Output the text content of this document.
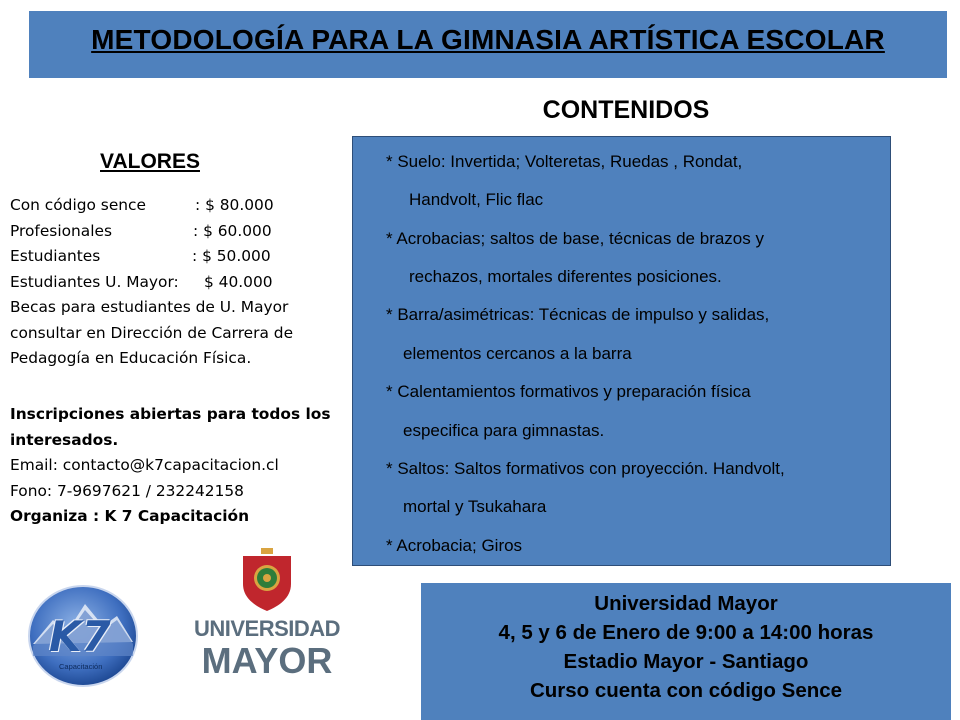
METODOLOGÍA PARA LA GIMNASIA ARTÍSTICA ESCOLAR
CONTENIDOS
VALORES
Con código sence	: $ 80.000
Profesionales	: $ 60.000
Estudiantes	: $ 50.000
Estudiantes U. Mayor: $ 40.000
Becas para estudiantes de U. Mayor
consultar en Dirección de Carrera de
Pedagogía en Educación Física.
Inscripciones abiertas para todos los
interesados.
Email: contacto@k7capacitacion.cl
Fono: 7-9697621 / 232242158
Organiza : K 7 Capacitación
* Suelo: Invertida; Volteretas, Ruedas , Rondat,
Handvolt, Flic flac
* Acrobacias; saltos de base, técnicas de brazos y
rechazos, mortales diferentes posiciones.
* Barra/asimétricas: Técnicas de impulso y salidas,
elementos cercanos a la barra
* Calentamientos formativos y preparación física
especifica para gimnastas.
* Saltos: Saltos formativos con proyección. Handvolt,
mortal y Tsukahara
* Acrobacia; Giros
Universidad Mayor
4, 5 y 6 de Enero de 9:00 a 14:00 horas
Estadio Mayor - Santiago
Curso cuenta con código Sence
K7
Capacitación
UNIVERSIDAD
MAYOR
